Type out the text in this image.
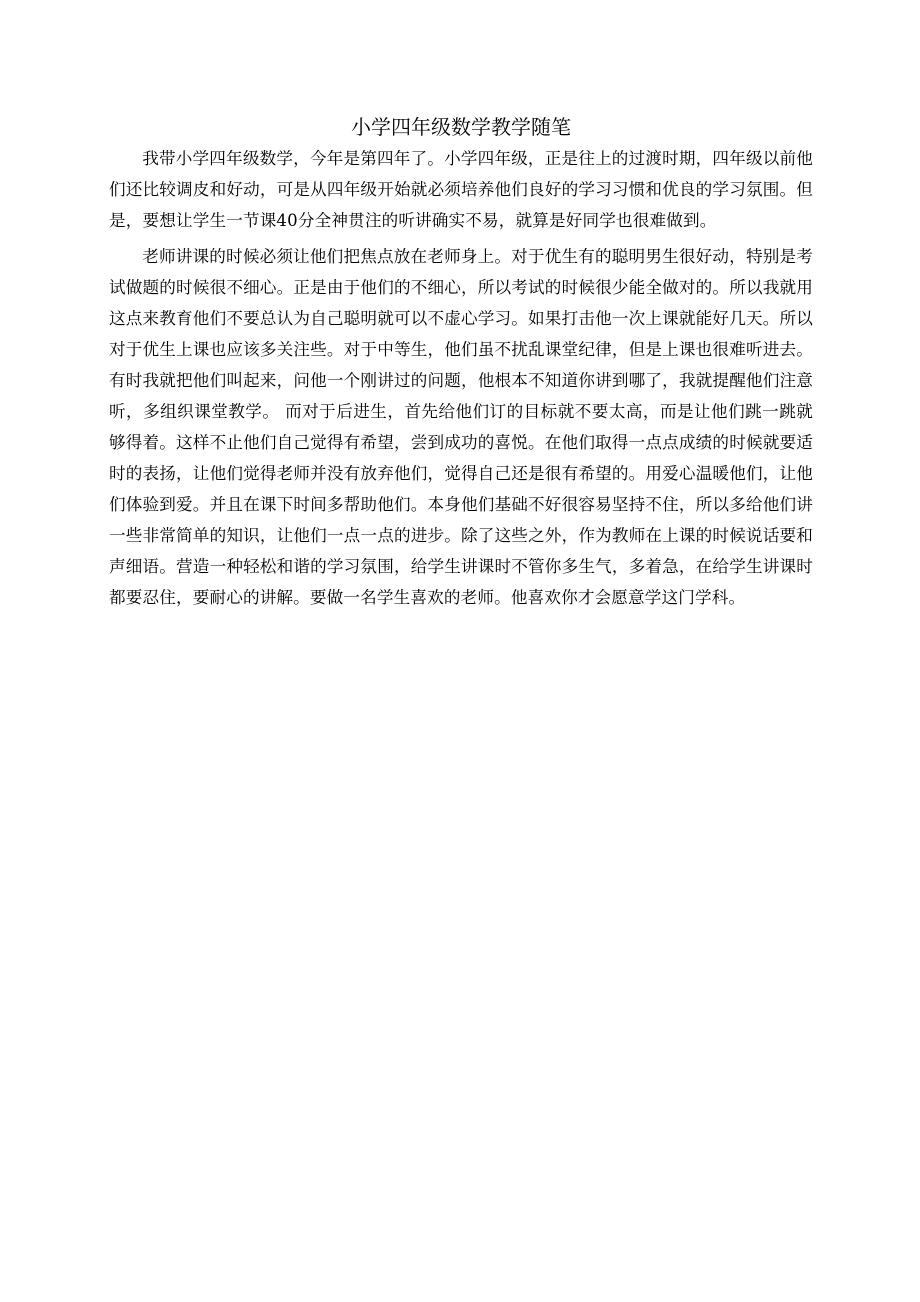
小学四年级数学教学随笔

我带小学四年级数学，今年是第四年了。小学四年级，正是往上的过渡时期，四年级以前他们还比较调皮和好动，可是从四年级开始就必须培养他们良好的学习习惯和优良的学习氛围。但是，要想让学生一节课40分全神贯注的听讲确实不易，就算是好同学也很难做到。

老师讲课的时候必须让他们把焦点放在老师身上。对于优生有的聪明男生很好动，特别是考试做题的时候很不细心。正是由于他们的不细心，所以考试的时候很少能全做对的。所以我就用这点来教育他们不要总认为自己聪明就可以不虚心学习。如果打击他一次上课就能好几天。所以对于优生上课也应该多关注些。对于中等生，他们虽不扰乱课堂纪律，但是上课也很难听进去。有时我就把他们叫起来，问他一个刚讲过的问题，他根本不知道你讲到哪了，我就提醒他们注意听，多组织课堂教学。 而对于后进生，首先给他们订的目标就不要太高，而是让他们跳一跳就够得着。这样不止他们自己觉得有希望，尝到成功的喜悦。在他们取得一点点成绩的时候就要适时的表扬，让他们觉得老师并没有放弃他们，觉得自己还是很有希望的。用爱心温暖他们，让他们体验到爱。并且在课下时间多帮助他们。本身他们基础不好很容易坚持不住，所以多给他们讲一些非常简单的知识，让他们一点一点的进步。除了这些之外，作为教师在上课的时候说话要和声细语。营造一种轻松和谐的学习氛围，给学生讲课时不管你多生气，多着急，在给学生讲课时都要忍住，要耐心的讲解。要做一名学生喜欢的老师。他喜欢你才会愿意学这门学科。
